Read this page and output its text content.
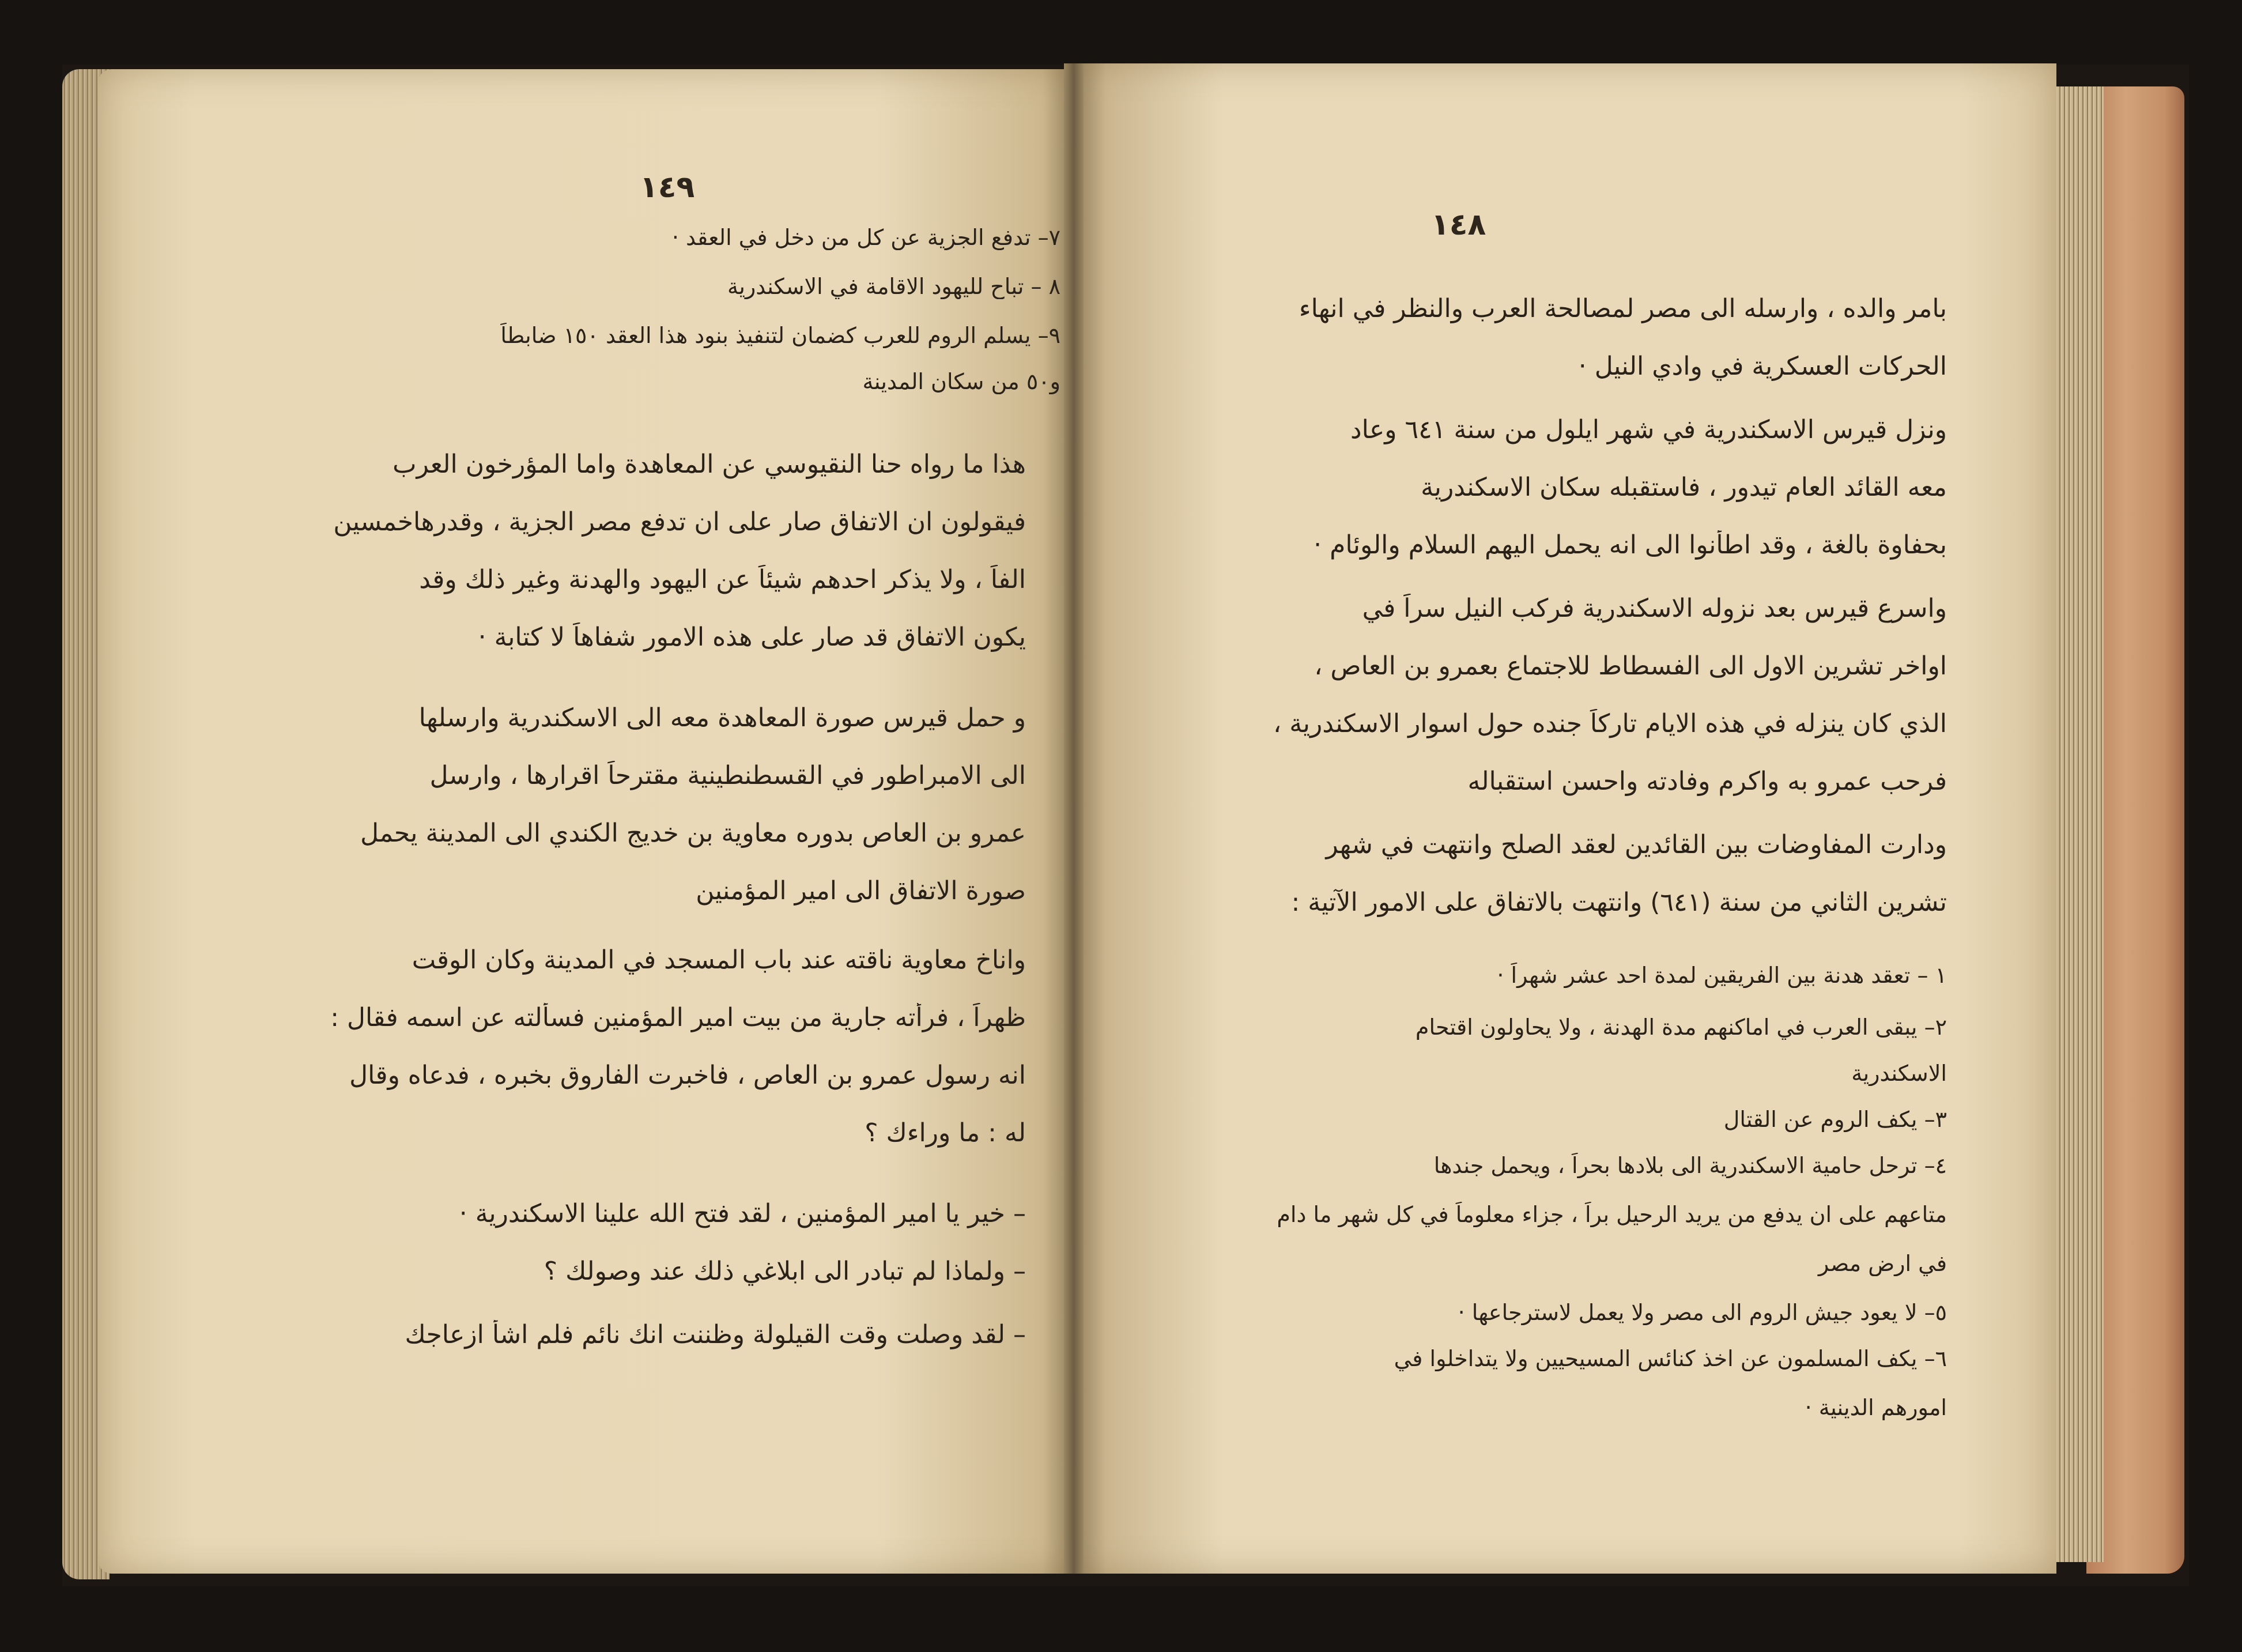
١٤٩
٧– تدفع الجزية عن كل من دخل في العقد ·
٨ – تباح لليهود الاقامة في الاسكندرية
٩– يسلم الروم للعرب كضمان لتنفيذ بنود هذا العقد ١٥٠ ضابطاً
و٥٠ من سكان المدينة
هذا ما رواه حنا النقيوسي عن المعاهدة واما المؤرخون العرب
فيقولون ان الاتفاق صار على ان تدفع مصر الجزية ، وقدرهاخمسين
الفاً ، ولا يذكر احدهم شيئاً عن اليهود والهدنة وغير ذلك وقد
يكون الاتفاق قد صار على هذه الامور شفاهاً لا كتابة ·
و حمل قيرس صورة المعاهدة معه الى الاسكندرية وارسلها
الى الامبراطور في القسطنطينية مقترحاً اقرارها ، وارسل
عمرو بن العاص بدوره معاوية بن خديج الكندي الى المدينة يحمل
صورة الاتفاق الى امير المؤمنين
واناخ معاوية ناقته عند باب المسجد في المدينة وكان الوقت
ظهراً ، فرأته جارية من بيت امير المؤمنين فسألته عن اسمه فقال :
انه رسول عمرو بن العاص ، فاخبرت الفاروق بخبره ، فدعاه وقال
له : ما وراءك ؟
– خير يا امير المؤمنين ، لقد فتح الله علينا الاسكندرية ·
– ولماذا لم تبادر الى ابلاغي ذلك عند وصولك ؟
– لقد وصلت وقت القيلولة وظننت انك نائم فلم اشأ ازعاجك
١٤٨
بامر والده ، وارسله الى مصر لمصالحة العرب والنظر في انهاء
الحركات العسكرية في وادي النيل ·
ونزل قيرس الاسكندرية في شهر ايلول من سنة ٦٤١ وعاد
معه القائد العام تيدور ، فاستقبله سكان الاسكندرية
بحفاوة بالغة ، وقد اطأنوا الى انه يحمل اليهم السلام والوئام ·
واسرع قيرس بعد نزوله الاسكندرية فركب النيل سراً في
اواخر تشرين الاول الى الفسطاط للاجتماع بعمرو بن العاص ،
الذي كان ينزله في هذه الايام تاركاً جنده حول اسوار الاسكندرية ،
فرحب عمرو به واكرم وفادته واحسن استقباله
ودارت المفاوضات بين القائدين لعقد الصلح وانتهت في شهر
تشرين الثاني من سنة (٦٤١) وانتهت بالاتفاق على الامور الآتية :
١ – تعقد هدنة بين الفريقين لمدة احد عشر شهراً ·
٢– يبقى العرب في اماكنهم مدة الهدنة ، ولا يحاولون اقتحام
الاسكندرية
٣– يكف الروم عن القتال
٤– ترحل حامية الاسكندرية الى بلادها بحراً ، ويحمل جندها
متاعهم على ان يدفع من يريد الرحيل براً ، جزاء معلوماً في كل شهر ما دام
في ارض مصر
٥– لا يعود جيش الروم الى مصر ولا يعمل لاسترجاعها ·
٦– يكف المسلمون عن اخذ كنائس المسيحيين ولا يتداخلوا في
امورهم الدينية ·
